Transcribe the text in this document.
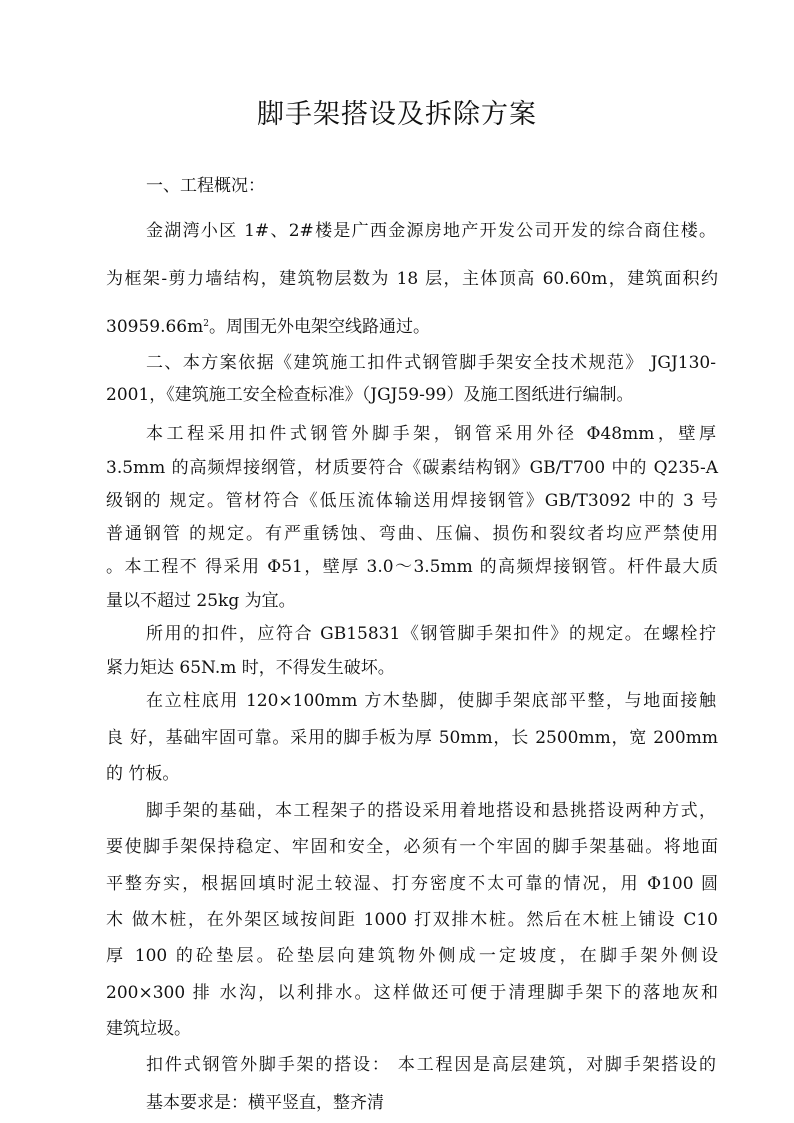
脚手架搭设及拆除方案
一、工程概况：
金湖湾小区 1#、2#楼是广西金源房地产开发公司开发的综合商住楼。
为框架-剪力墙结构，建筑物层数为 18 层，主体顶高 60.60m，建筑面积约
$30959.66m^2$。周围无外电架空线路通过。
二、本方案依据《建筑施工扣件式钢管脚手架安全技术规范》 JGJ130-
2001，《建筑施工安全检查标准》（JGJ59-99）及施工图纸进行编制。
本工程采用扣件式钢管外脚手架，钢管采用外径 Φ48mm，壁厚
3.5mm 的高频焊接纲管，材质要符合《碳素结构钢》GB/T700 中的 Q235-A
级钢的 规定。管材符合《低压流体输送用焊接钢管》GB/T3092 中的 3 号
普通钢管 的规定。有严重锈蚀、弯曲、压偏、损伤和裂纹者均应严禁使用
。本工程不 得采用 Φ51，壁厚 3.0～3.5mm 的高频焊接钢管。杆件最大质
量以不超过 25kg 为宜。
所用的扣件，应符合 GB15831《钢管脚手架扣件》的规定。在螺栓拧
紧力矩达 65N.m 时，不得发生破坏。
在立柱底用 120×100mm 方木垫脚，使脚手架底部平整，与地面接触
良 好，基础牢固可靠。采用的脚手板为厚 50mm，长 2500mm，宽 200mm
的 竹板。
脚手架的基础，本工程架子的搭设采用着地搭设和悬挑搭设两种方式，
要使脚手架保持稳定、牢固和安全，必须有一个牢固的脚手架基础。将地面
平整夯实，根据回填时泥土较湿、打夯密度不太可靠的情况，用 Φ100 圆
木 做木桩，在外架区域按间距 1000 打双排木桩。然后在木桩上铺设 C10
厚 100 的砼垫层。砼垫层向建筑物外侧成一定坡度，在脚手架外侧设
200×300 排 水沟，以利排水。这样做还可便于清理脚手架下的落地灰和
建筑垃圾。
扣件式钢管外脚手架的搭设： 本工程因是高层建筑，对脚手架搭设的
基本要求是：横平竖直，整齐清
